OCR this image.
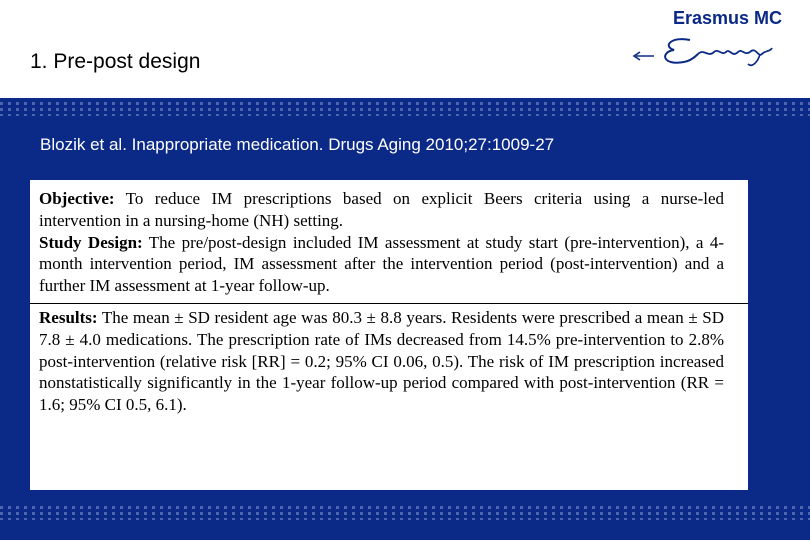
1. Pre-post design
Erasmus MC
Blozik et al. Inappropriate medication. Drugs Aging 2010;27:1009-27
Objective: To reduce IM prescriptions based on explicit Beers criteria using a nurse-led intervention in a nursing-home (NH) setting.
Study Design: The pre/post-design included IM assessment at study start (pre-intervention), a 4-month intervention period, IM assessment after the intervention period (post-intervention) and a further IM assessment at 1-year follow-up.
Results: The mean ± SD resident age was 80.3 ± 8.8 years. Residents were prescribed a mean ± SD 7.8 ± 4.0 medications. The prescription rate of IMs decreased from 14.5% pre-intervention to 2.8% post-intervention (relative risk [RR] = 0.2; 95% CI 0.06, 0.5). The risk of IM prescription increased nonstatistically significantly in the 1-year follow-up period compared with post-intervention (RR = 1.6; 95% CI 0.5, 6.1).
